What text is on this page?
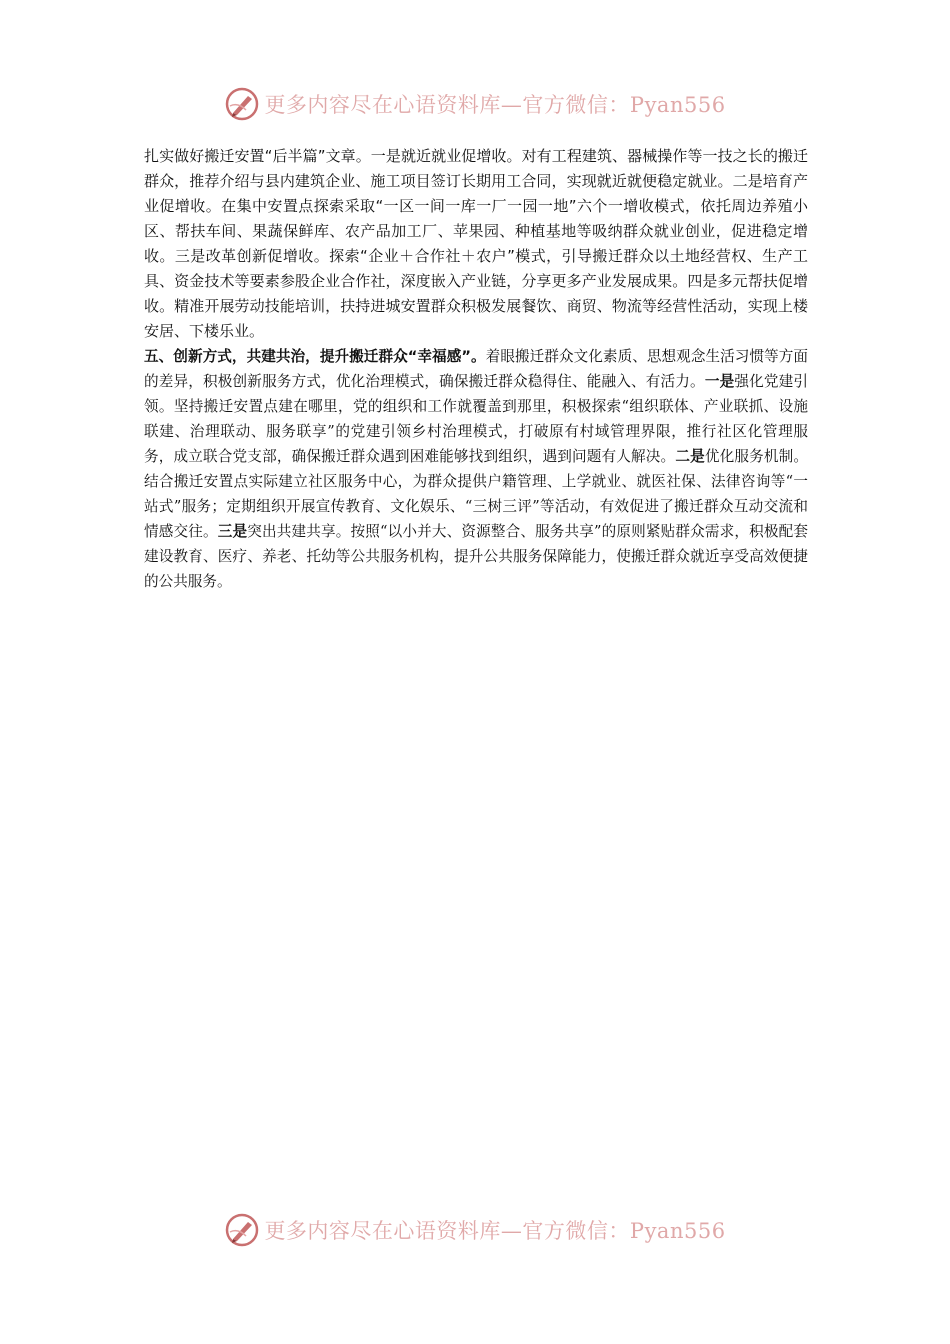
更多内容尽在心语资料库—官方微信：Pyan556

扎实做好搬迁安置“后半篇”文章。一是就近就业促增收。对有工程建筑、器械操作等一技之长的搬迁群众，推荐介绍与县内建筑企业、施工项目签订长期用工合同，实现就近就便稳定就业。二是培育产业促增收。在集中安置点探索采取“一区一间一库一厂一园一地”六个一增收模式，依托周边养殖小区、帮扶车间、果蔬保鲜库、农产品加工厂、苹果园、种植基地等吸纳群众就业创业，促进稳定增收。三是改革创新促增收。探索“企业＋合作社＋农户”模式，引导搬迁群众以土地经营权、生产工具、资金技术等要素参股企业合作社，深度嵌入产业链，分享更多产业发展成果。四是多元帮扶促增收。精准开展劳动技能培训，扶持进城安置群众积极发展餐饮、商贸、物流等经营性活动，实现上楼安居、下楼乐业。

五、创新方式，共建共治，提升搬迁群众“幸福感”。着眼搬迁群众文化素质、思想观念生活习惯等方面的差异，积极创新服务方式，优化治理模式，确保搬迁群众稳得住、能融入、有活力。一是强化党建引领。坚持搬迁安置点建在哪里，党的组织和工作就覆盖到那里，积极探索“组织联体、产业联抓、设施联建、治理联动、服务联享”的党建引领乡村治理模式，打破原有村域管理界限，推行社区化管理服务，成立联合党支部，确保搬迁群众遇到困难能够找到组织，遇到问题有人解决。二是优化服务机制。结合搬迁安置点实际建立社区服务中心，为群众提供户籍管理、上学就业、就医社保、法律咨询等“一站式”服务；定期组织开展宣传教育、文化娱乐、“三树三评”等活动，有效促进了搬迁群众互动交流和情感交往。三是突出共建共享。按照“以小并大、资源整合、服务共享”的原则紧贴群众需求，积极配套建设教育、医疗、养老、托幼等公共服务机构，提升公共服务保障能力，使搬迁群众就近享受高效便捷的公共服务。

更多内容尽在心语资料库—官方微信：Pyan556
